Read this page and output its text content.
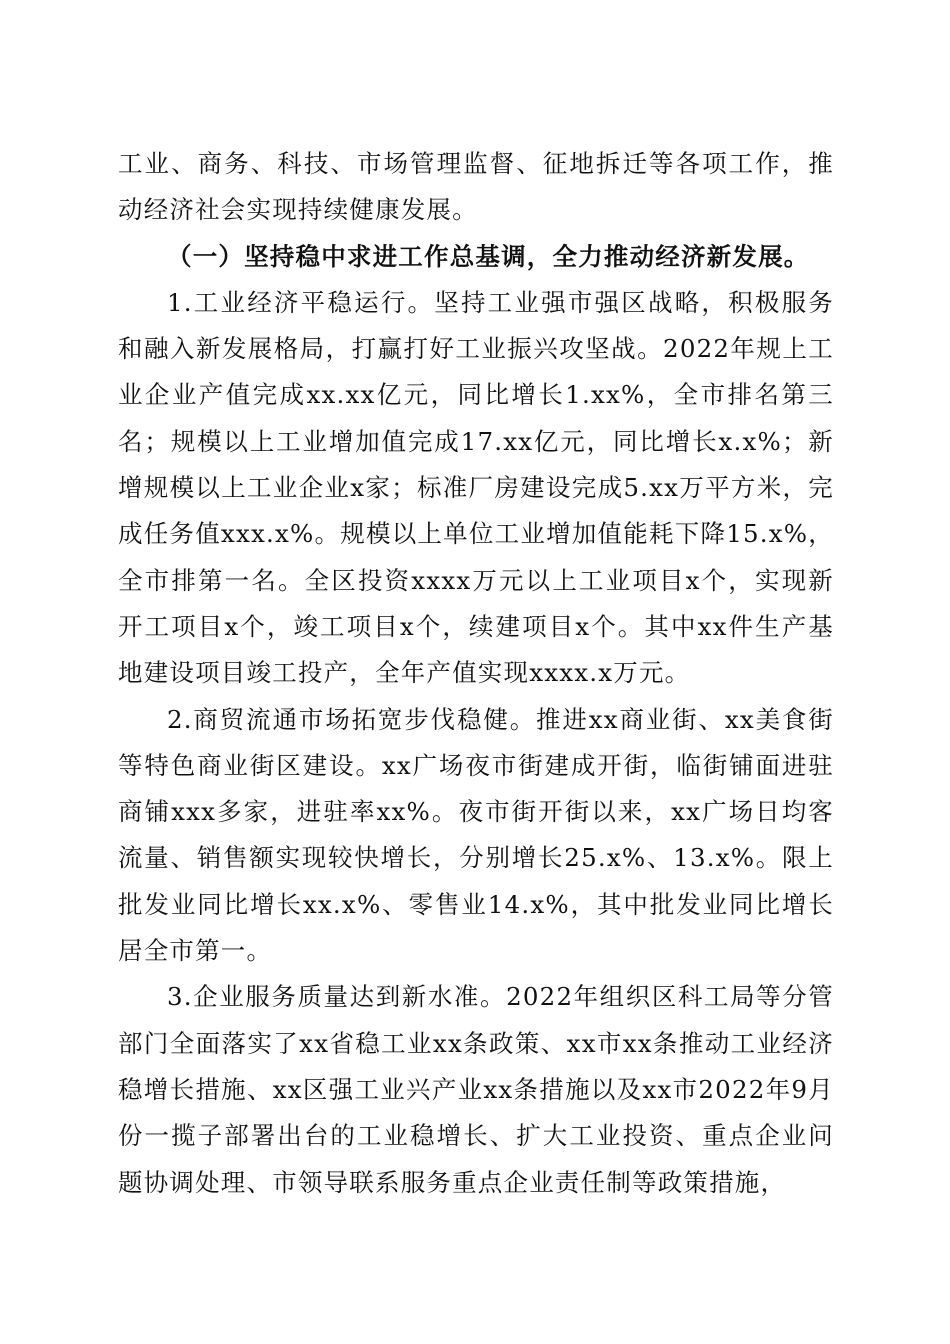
工业、商务、科技、市场管理监督、征地拆迁等各项工作，推动经济社会实现持续健康发展。

（一）坚持稳中求进工作总基调，全力推动经济新发展。

1.工业经济平稳运行。坚持工业强市强区战略，积极服务和融入新发展格局，打赢打好工业振兴攻坚战。2022年规上工业企业产值完成xx.xx亿元，同比增长1.xx%，全市排名第三名；规模以上工业增加值完成17.xx亿元，同比增长x.x%；新增规模以上工业企业x家；标准厂房建设完成5.xx万平方米，完成任务值xxx.x%。规模以上单位工业增加值能耗下降15.x%，全市排第一名。全区投资xxxx万元以上工业项目x个，实现新开工项目x个，竣工项目x个，续建项目x个。其中xx件生产基地建设项目竣工投产，全年产值实现xxxx.x万元。

2.商贸流通市场拓宽步伐稳健。推进xx商业街、xx美食街等特色商业街区建设。xx广场夜市街建成开街，临街铺面进驻商铺xxx多家，进驻率xx%。夜市街开街以来，xx广场日均客流量、销售额实现较快增长，分别增长25.x%、13.x%。限上批发业同比增长xx.x%、零售业14.x%，其中批发业同比增长居全市第一。

3.企业服务质量达到新水准。2022年组织区科工局等分管部门全面落实了xx省稳工业xx条政策、xx市xx条推动工业经济稳增长措施、xx区强工业兴产业xx条措施以及xx市2022年9月份一揽子部署出台的工业稳增长、扩大工业投资、重点企业问题协调处理、市领导联系服务重点企业责任制等政策措施，
